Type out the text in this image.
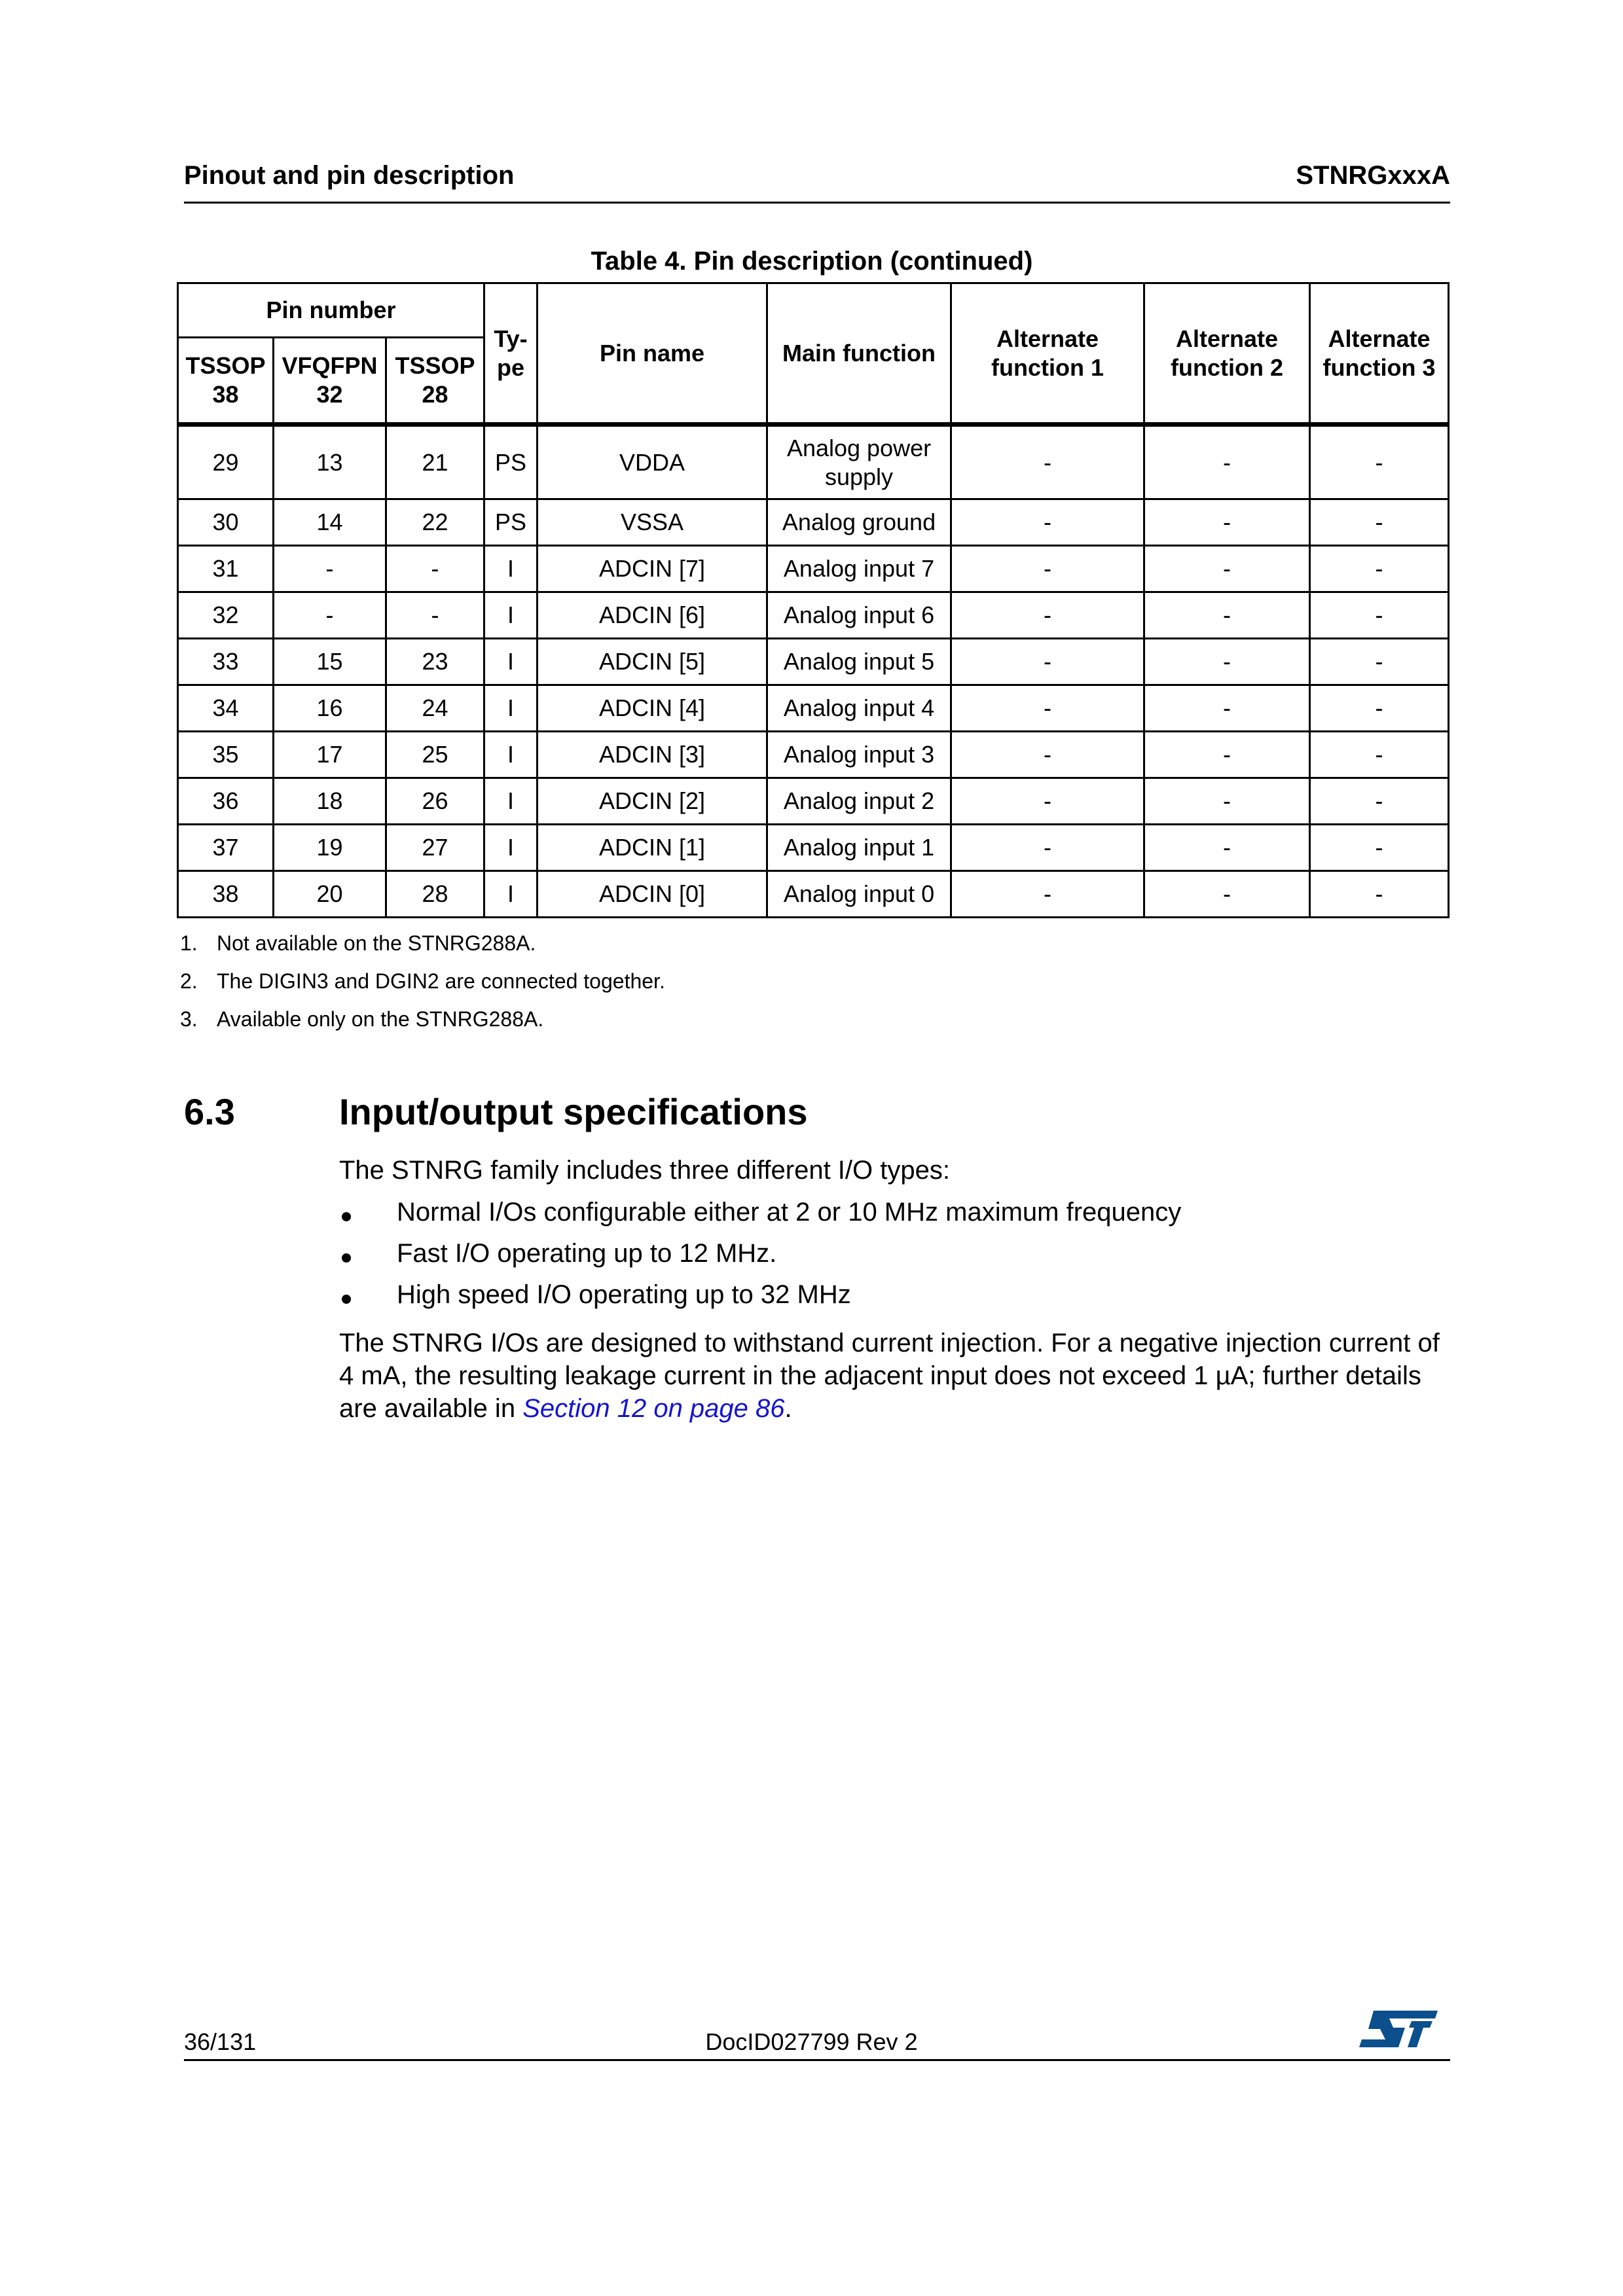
Pinout and pin description	STNRGxxxA
Table 4. Pin description (continued)
Pin number			Ty-pe	Pin name	Main function	Alternate function 1	Alternate function 2	Alternate function 3
TSSOP 38	VFQFPN 32	TSSOP 28						
29	13	21	PS	VDDA	Analog power supply	-	-	-
30	14	22	PS	VSSA	Analog ground	-	-	-
31	-	-	I	ADCIN [7]	Analog input 7	-	-	-
32	-	-	I	ADCIN [6]	Analog input 6	-	-	-
33	15	23	I	ADCIN [5]	Analog input 5	-	-	-
34	16	24	I	ADCIN [4]	Analog input 4	-	-	-
35	17	25	I	ADCIN [3]	Analog input 3	-	-	-
36	18	26	I	ADCIN [2]	Analog input 2	-	-	-
37	19	27	I	ADCIN [1]	Analog input 1	-	-	-
38	20	28	I	ADCIN [0]	Analog input 0	-	-	-
1. Not available on the STNRG288A.
2. The DIGIN3 and DGIN2 are connected together.
3. Available only on the STNRG288A.
6.3	Input/output specifications
The STNRG family includes three different I/O types:
Normal I/Os configurable either at 2 or 10 MHz maximum frequency
Fast I/O operating up to 12 MHz.
High speed I/O operating up to 32 MHz
The STNRG I/Os are designed to withstand current injection. For a negative injection current of 4 mA, the resulting leakage current in the adjacent input does not exceed 1 µA; further details are available in Section 12 on page 86.
36/131	DocID027799 Rev 2
